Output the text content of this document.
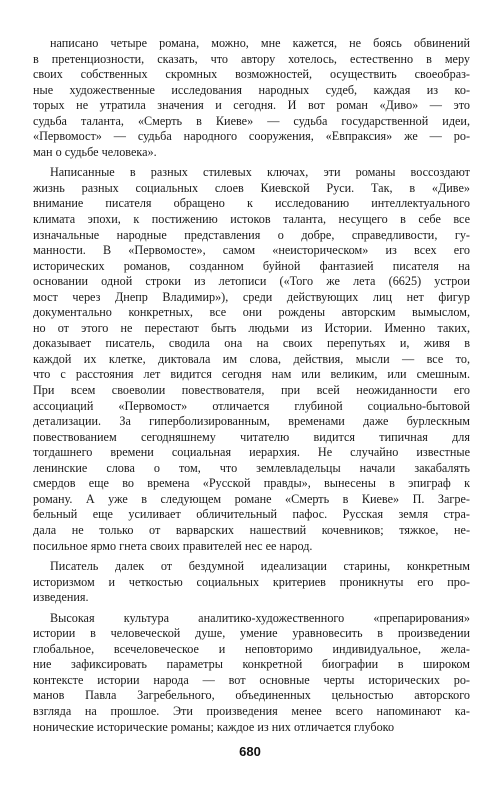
написано четыре романа, можно, мне кажется, не боясь обвинений
в претенциозности, сказать, что автору хотелось, естественно в меру
своих собственных скромных возможностей, осуществить своеобраз-
ные художественные исследования народных судеб, каждая из ко-
торых не утратила значения и сегодня. И вот роман «Диво» — это
судьба таланта, «Смерть в Киеве» — судьба государственной идеи,
«Первомост» — судьба народного сооружения, «Евпраксия» же — ро-
ман о судьбе человека».

Написанные в разных стилевых ключах, эти романы воссоздают
жизнь разных социальных слоев Киевской Руси. Так, в «Диве»
внимание писателя обращено к исследованию интеллектуального
климата эпохи, к постижению истоков таланта, несущего в себе все
изначальные народные представления о добре, справедливости, гу-
манности. В «Первомосте», самом «неисторическом» из всех его
исторических романов, созданном буйной фантазией писателя на
основании одной строки из летописи («Того же лета (6625) устрои
мост через Днепр Владимир»), среди действующих лиц нет фигур
документально конкретных, все они рождены авторским вымыслом,
но от этого не перестают быть людьми из Истории. Именно таких,
доказывает писатель, сводила она на своих перепутьях и, живя в
каждой их клетке, диктовала им слова, действия, мысли — все то,
что с расстояния лет видится сегодня нам или великим, или смешным.
При всем своеволии повествователя, при всей неожиданности его
ассоциаций «Первомост» отличается глубиной социально-бытовой
детализации. За гиперболизированным, временами даже бурлескным
повествованием сегодняшнему читателю видится типичная для
тогдашнего времени социальная иерархия. Не случайно известные
ленинские слова о том, что землевладельцы начали закабалять
смердов еще во времена «Русской правды», вынесены в эпиграф к
роману. А уже в следующем романе «Смерть в Киеве» П. Загре-
бельный еще усиливает обличительный пафос. Русская земля стра-
дала не только от варварских нашествий кочевников; тяжкое, не-
посильное ярмо гнета своих правителей нес ее народ.

Писатель далек от бездумной идеализации старины, конкретным
историзмом и четкостью социальных критериев проникнуты его про-
изведения.

Высокая культура аналитико-художественного «препарирования»
истории в человеческой душе, умение уравновесить в произведении
глобальное, всечеловеческое и неповторимо индивидуальное, жела-
ние зафиксировать параметры конкретной биографии в широком
контексте истории народа — вот основные черты исторических ро-
манов Павла Загребельного, объединенных цельностью авторского
взгляда на прошлое. Эти произведения менее всего напоминают ка-
нонические исторические романы; каждое из них отличается глубоко

680
